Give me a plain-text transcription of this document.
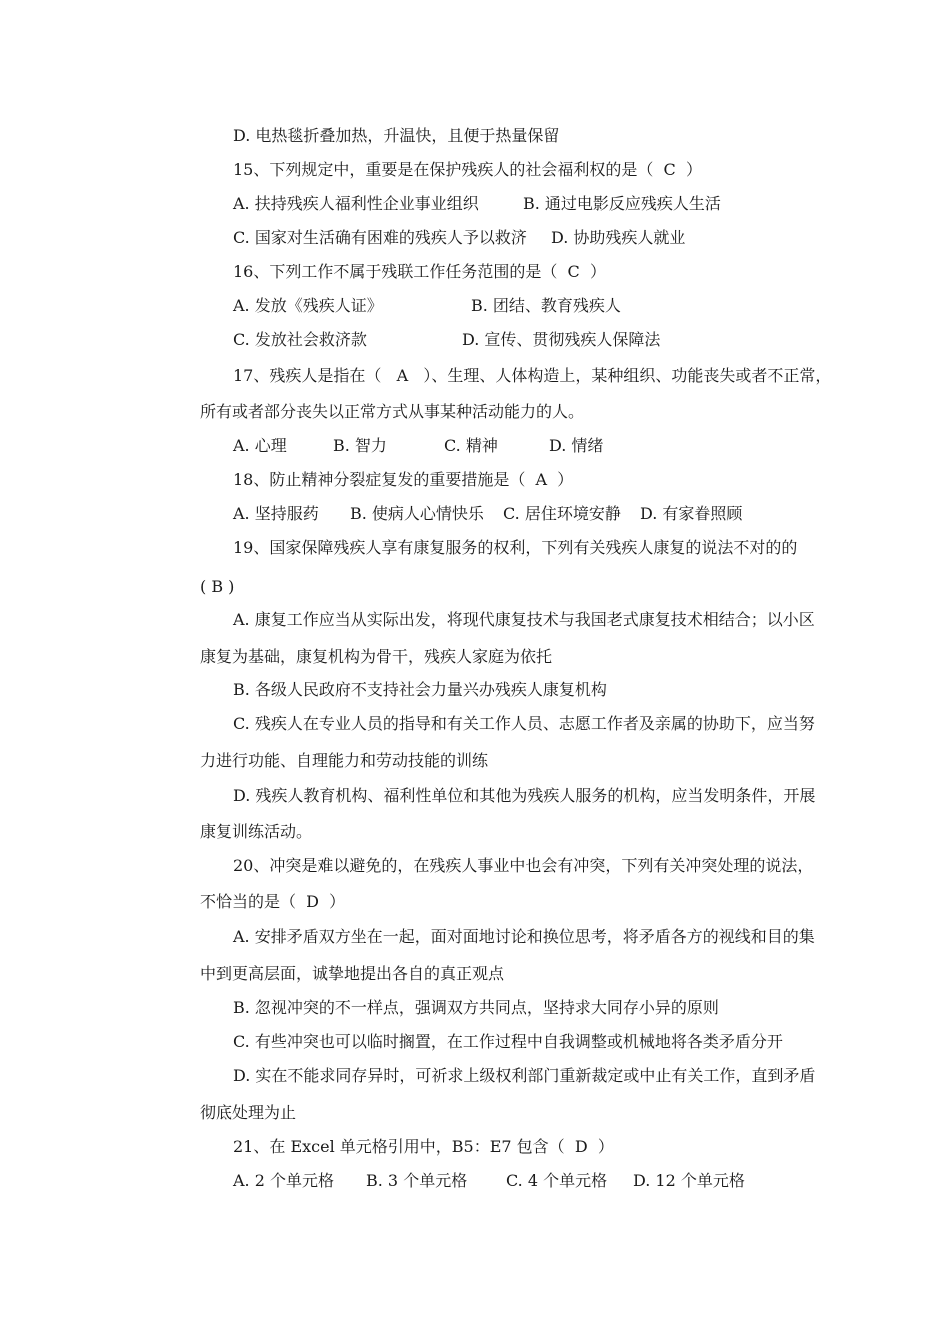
D. 电热毯折叠加热，升温快，且便于热量保留
15、下列规定中，重要是在保护残疾人的社会福利权的是（  C  ）

A. 扶持残疾人福利性企业事业组织

	B. 通过电影反应残疾人生活

C. 国家对生活确有困难的残疾人予以救济

D. 协助残疾人就业

16、下列工作不属于残联工作任务范围的是（  C  ）

A. 发放《残疾人证》

	B. 团结、教育残疾人

C. 发放社会救济款

	D. 宣传、贯彻残疾人保障法

17、残疾人是指在（   A   ）、生理、人体构造上，某种组织、功能丧失或者不正常，
所有或者部分丧失以正常方式从事某种活动能力的人。

A. 心理

	B. 智力

	C. 精神

	D. 情绪

18、防止精神分裂症复发的重要措施是（  A  ）

A. 坚持服药

B. 使病人心情快乐

C. 居住环境安静

D. 有家眷照顾

19、国家保障残疾人享有康复服务的权利，下列有关残疾人康复的说法不对的的
( B )
A. 康复工作应当从实际出发，将现代康复技术与我国老式康复技术相结合；以小区
康复为基础，康复机构为骨干，残疾人家庭为依托
B. 各级人民政府不支持社会力量兴办残疾人康复机构
C. 残疾人在专业人员的指导和有关工作人员、志愿工作者及亲属的协助下，应当努
力进行功能、自理能力和劳动技能的训练
D. 残疾人教育机构、福利性单位和其他为残疾人服务的机构，应当发明条件，开展
康复训练活动。
20、冲突是难以避免的，在残疾人事业中也会有冲突，下列有关冲突处理的说法，
不恰当的是（  D  ）
A. 安排矛盾双方坐在一起，面对面地讨论和换位思考，将矛盾各方的视线和目的集
中到更高层面，诚挚地提出各自的真正观点
B. 忽视冲突的不一样点，强调双方共同点，坚持求大同存小异的原则
C. 有些冲突也可以临时搁置，在工作过程中自我调整或机械地将各类矛盾分开
D. 实在不能求同存异时，可祈求上级权利部门重新裁定或中止有关工作，直到矛盾
彻底处理为止
21、在 Excel 单元格引用中，B5：E7 包含（  D  ）

A. 2 个单元格

B. 3 个单元格

C. 4 个单元格

D. 12 个单元格
